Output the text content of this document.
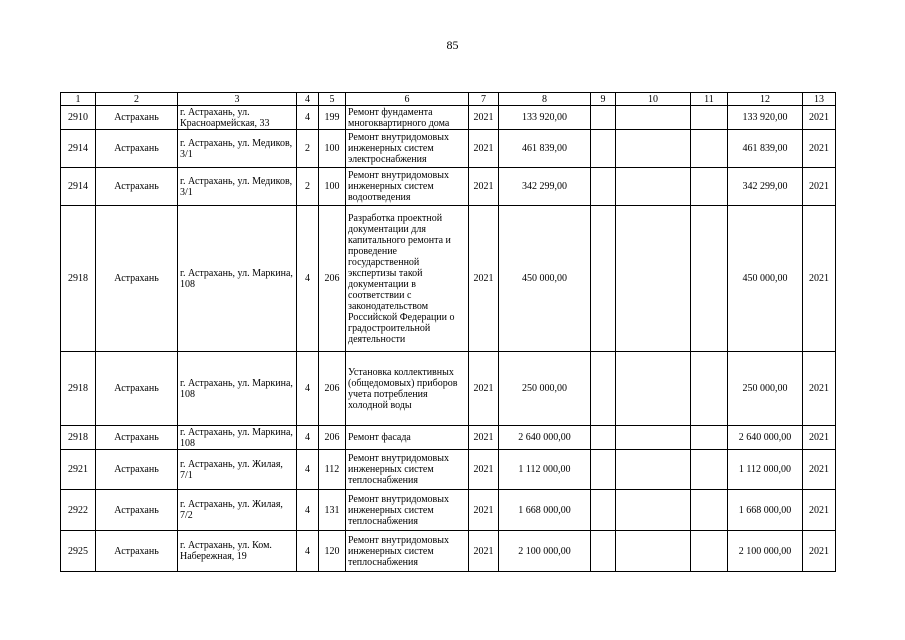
85
1	2	3	4	5	6	7	8	9	10	11	12	13
2910	Астрахань	г. Астрахань, ул. Красноармейская, 33	4	199	Ремонт фундамента многоквартирного дома	2021	133 920,00				133 920,00	2021
2914	Астрахань	г. Астрахань, ул. Медиков, 3/1	2	100	Ремонт внутридомовых инженерных систем электроснабжения	2021	461 839,00				461 839,00	2021
2914	Астрахань	г. Астрахань, ул. Медиков, 3/1	2	100	Ремонт внутридомовых инженерных систем водоотведения	2021	342 299,00				342 299,00	2021
2918	Астрахань	г. Астрахань, ул. Маркина, 108	4	206	Разработка проектной документации для капитального ремонта и проведение государственной экспертизы такой документации в соответствии с законодательством Российской Федерации о градостроительной деятельности	2021	450 000,00				450 000,00	2021
2918	Астрахань	г. Астрахань, ул. Маркина, 108	4	206	Установка коллективных (общедомовых) приборов учета потребления холодной воды	2021	250 000,00				250 000,00	2021
2918	Астрахань	г. Астрахань, ул. Маркина, 108	4	206	Ремонт фасада	2021	2 640 000,00				2 640 000,00	2021
2921	Астрахань	г. Астрахань, ул. Жилая, 7/1	4	112	Ремонт внутридомовых инженерных систем теплоснабжения	2021	1 112 000,00				1 112 000,00	2021
2922	Астрахань	г. Астрахань, ул. Жилая, 7/2	4	131	Ремонт внутридомовых инженерных систем теплоснабжения	2021	1 668 000,00				1 668 000,00	2021
2925	Астрахань	г. Астрахань, ул. Ком. Набережная, 19	4	120	Ремонт внутридомовых инженерных систем теплоснабжения	2021	2 100 000,00				2 100 000,00	2021
